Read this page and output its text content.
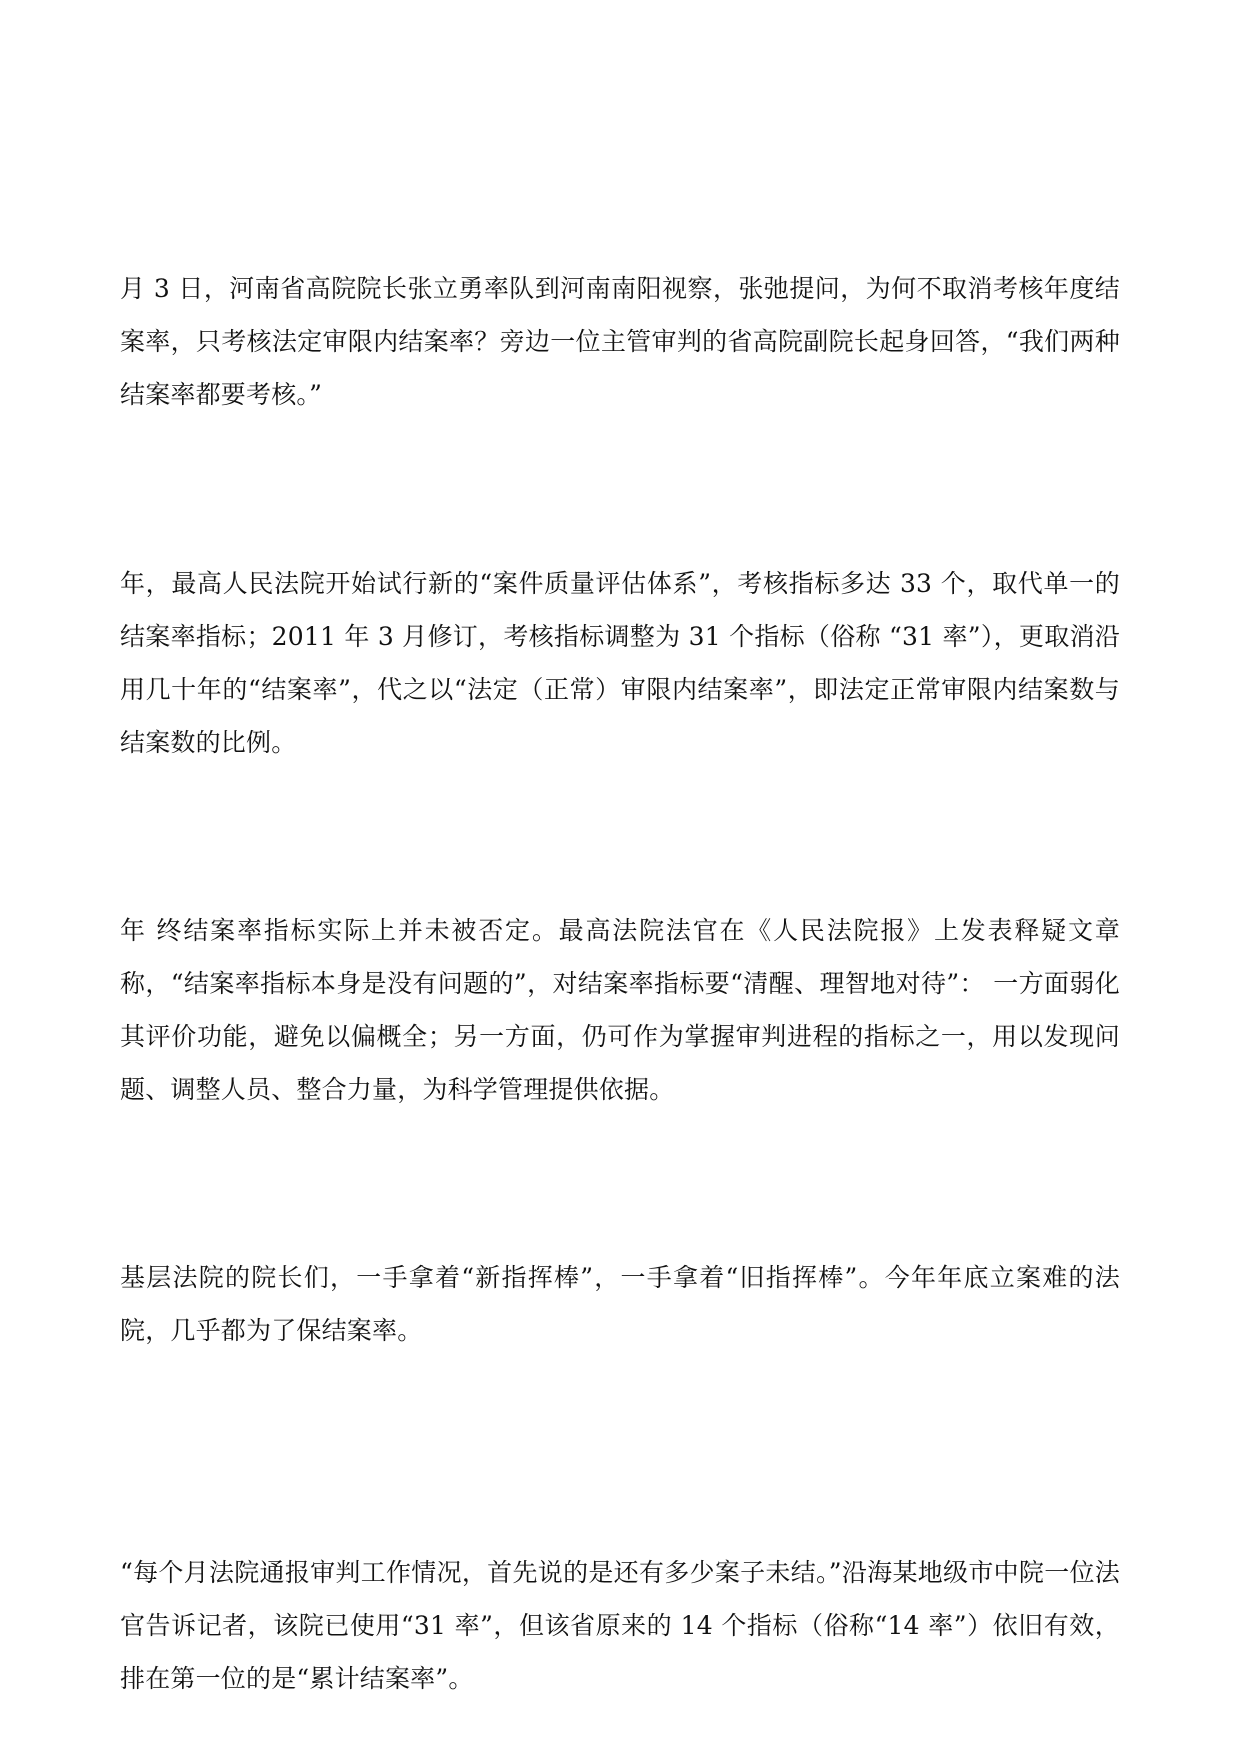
月 3 日，河南省高院院长张立勇率队到河南南阳视察，张弛提问，为何不取消考核年度结案率，只考核法定审限内结案率？旁边一位主管审判的省高院副院长起身回答，“我们两种结案率都要考核。”

年，最高人民法院开始试行新的“案件质量评估体系”，考核指标多达 33 个，取代单一的结案率指标；2011 年 3 月修订，考核指标调整为 31 个指标（俗称 “31 率”），更取消沿用几十年的“结案率”，代之以“法定（正常）审限内结案率”，即法定正常审限内结案数与结案数的比例。

年 终结案率指标实际上并未被否定。最高法院法官在《人民法院报》上发表释疑文章称，“结案率指标本身是没有问题的”，对结案率指标要“清醒、理智地对待”： 一方面弱化其评价功能，避免以偏概全；另一方面，仍可作为掌握审判进程的指标之一，用以发现问题、调整人员、整合力量，为科学管理提供依据。

基层法院的院长们，一手拿着“新指挥棒”，一手拿着“旧指挥棒”。今年年底立案难的法院，几乎都为了保结案率。

“每个月法院通报审判工作情况，首先说的是还有多少案子未结。”沿海某地级市中院一位法官告诉记者，该院已使用“31 率”，但该省原来的 14 个指标（俗称“14 率”）依旧有效，排在第一位的是“累计结案率”。
